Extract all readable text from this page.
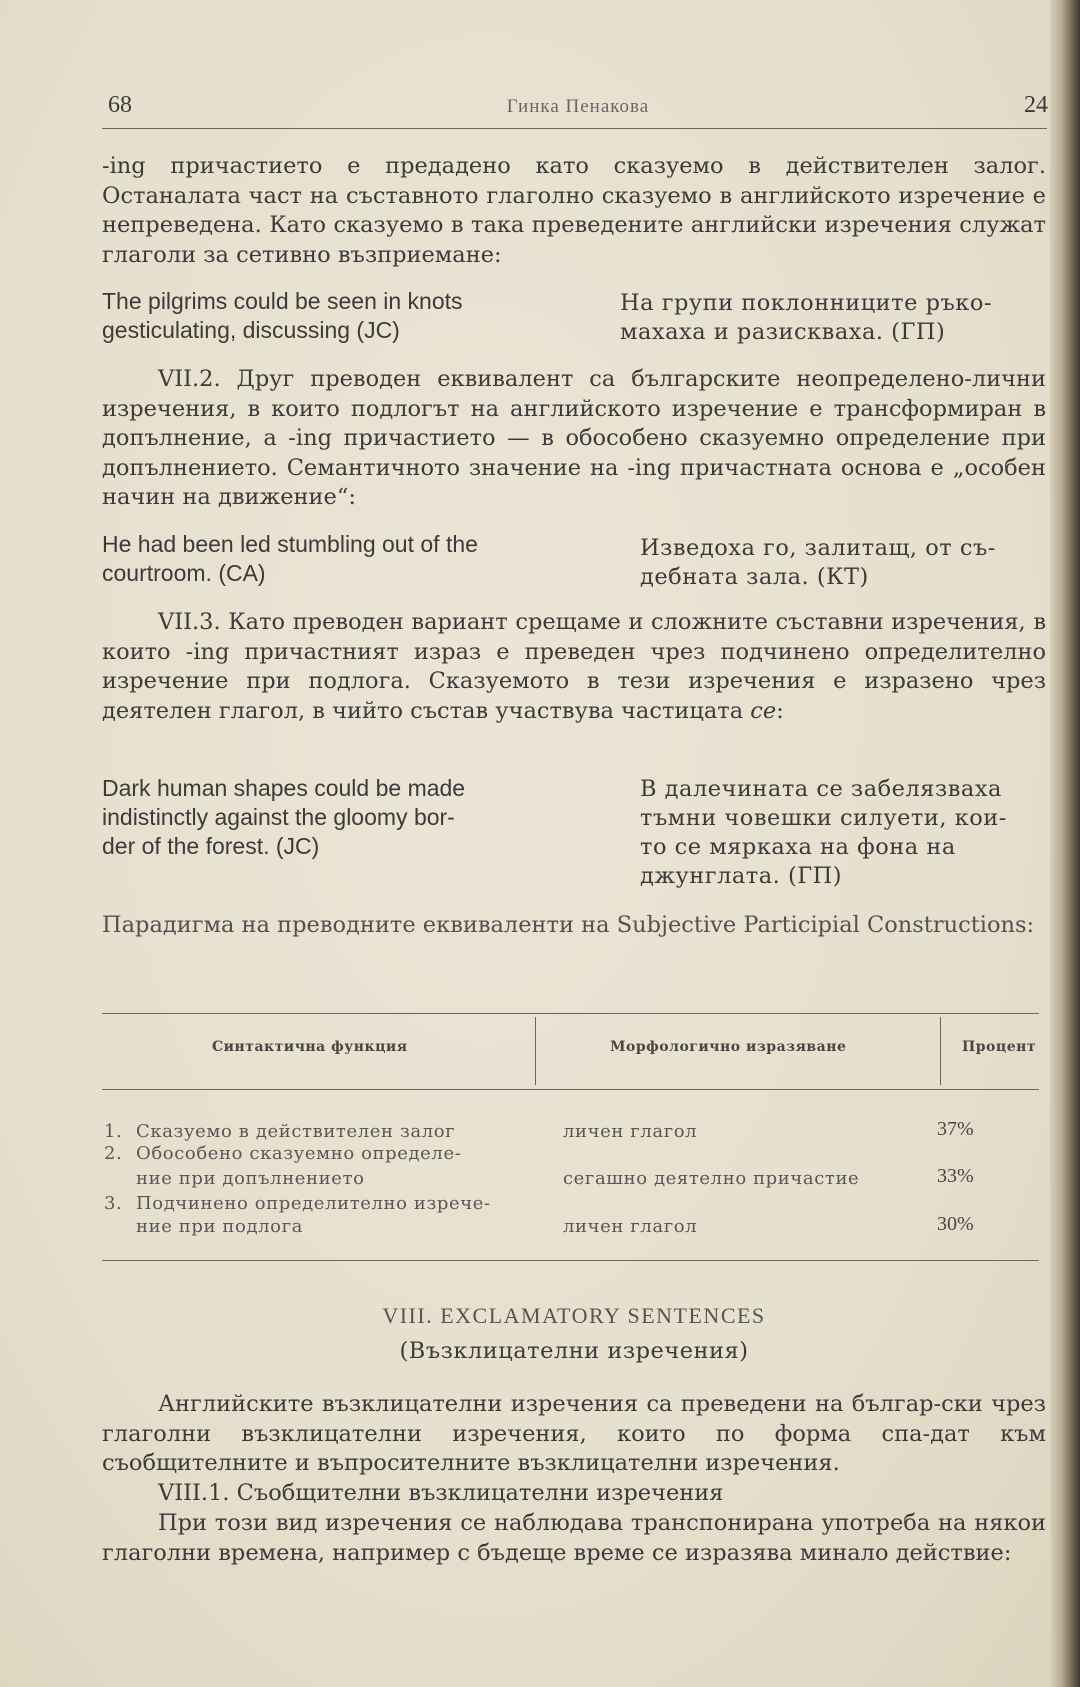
68	Гинка Пенакова	24

-ing причастието е предадено като сказуемо в действителен залог. Останалата част на съставното глаголно сказуемо в английското изречение е непреведена. Като сказуемо в така преведените английски изречения служат глаголи за сетивно възприемане:

The pilgrims could be seen in knots
gesticulating, discussing (JC)
На групи поклонниците ръко-
махаха и разискваха. (ГП)

VII.2. Друг преводен еквивалент са българските неопределено-лични изречения, в които подлогът на английското изречение е трансформиран в допълнение, а -ing причастието — в обособено сказуемно определение при допълнението. Семантичното значение на -ing причастната основа е „особен начин на движение“:

He had been led stumbling out of the
courtroom. (CA)
Изведоха го, залитащ, от съ-
дебната зала. (КТ)

VII.3. Като преводен вариант срещаме и сложните съставни изречения, в които -ing причастният израз е преведен чрез подчинено определително изречение при подлога. Сказуемото в тези изречения е изразено чрез деятелен глагол, в чийто състав участвува частицата се:

Dark human shapes could be made
indistinctly against the gloomy bor-
der of the forest. (JC)
В далечината се забелязваха
тъмни човешки силуети, кои-
то се мяркаха на фона на
джунглата. (ГП)

Парадигма на преводните еквиваленти на Subjective Participial Constructions:

Синтактична функция	Морфологично изразяване	Процент
1. Сказуемо в действителен залог	личен глагол	37%
2. Обособено сказуемно определе-
ние при допълнението	сегашно деятелно причастие	33%
3. Подчинено определително изрече-
ние при подлога	личен глагол	30%
VIII. EXCLAMATORY SENTENCES
(Възклицателни изречения)

Английските възклицателни изречения са преведени на българ-ски чрез глаголни възклицателни изречения, които по форма спа-дат към съобщителните и въпросителните възклицателни изречения.

VIII.1. Съобщителни възклицателни изречения

При този вид изречения се наблюдава транспонирана употреба на някои глаголни времена, например с бъдеще време се изразява минало действие:
